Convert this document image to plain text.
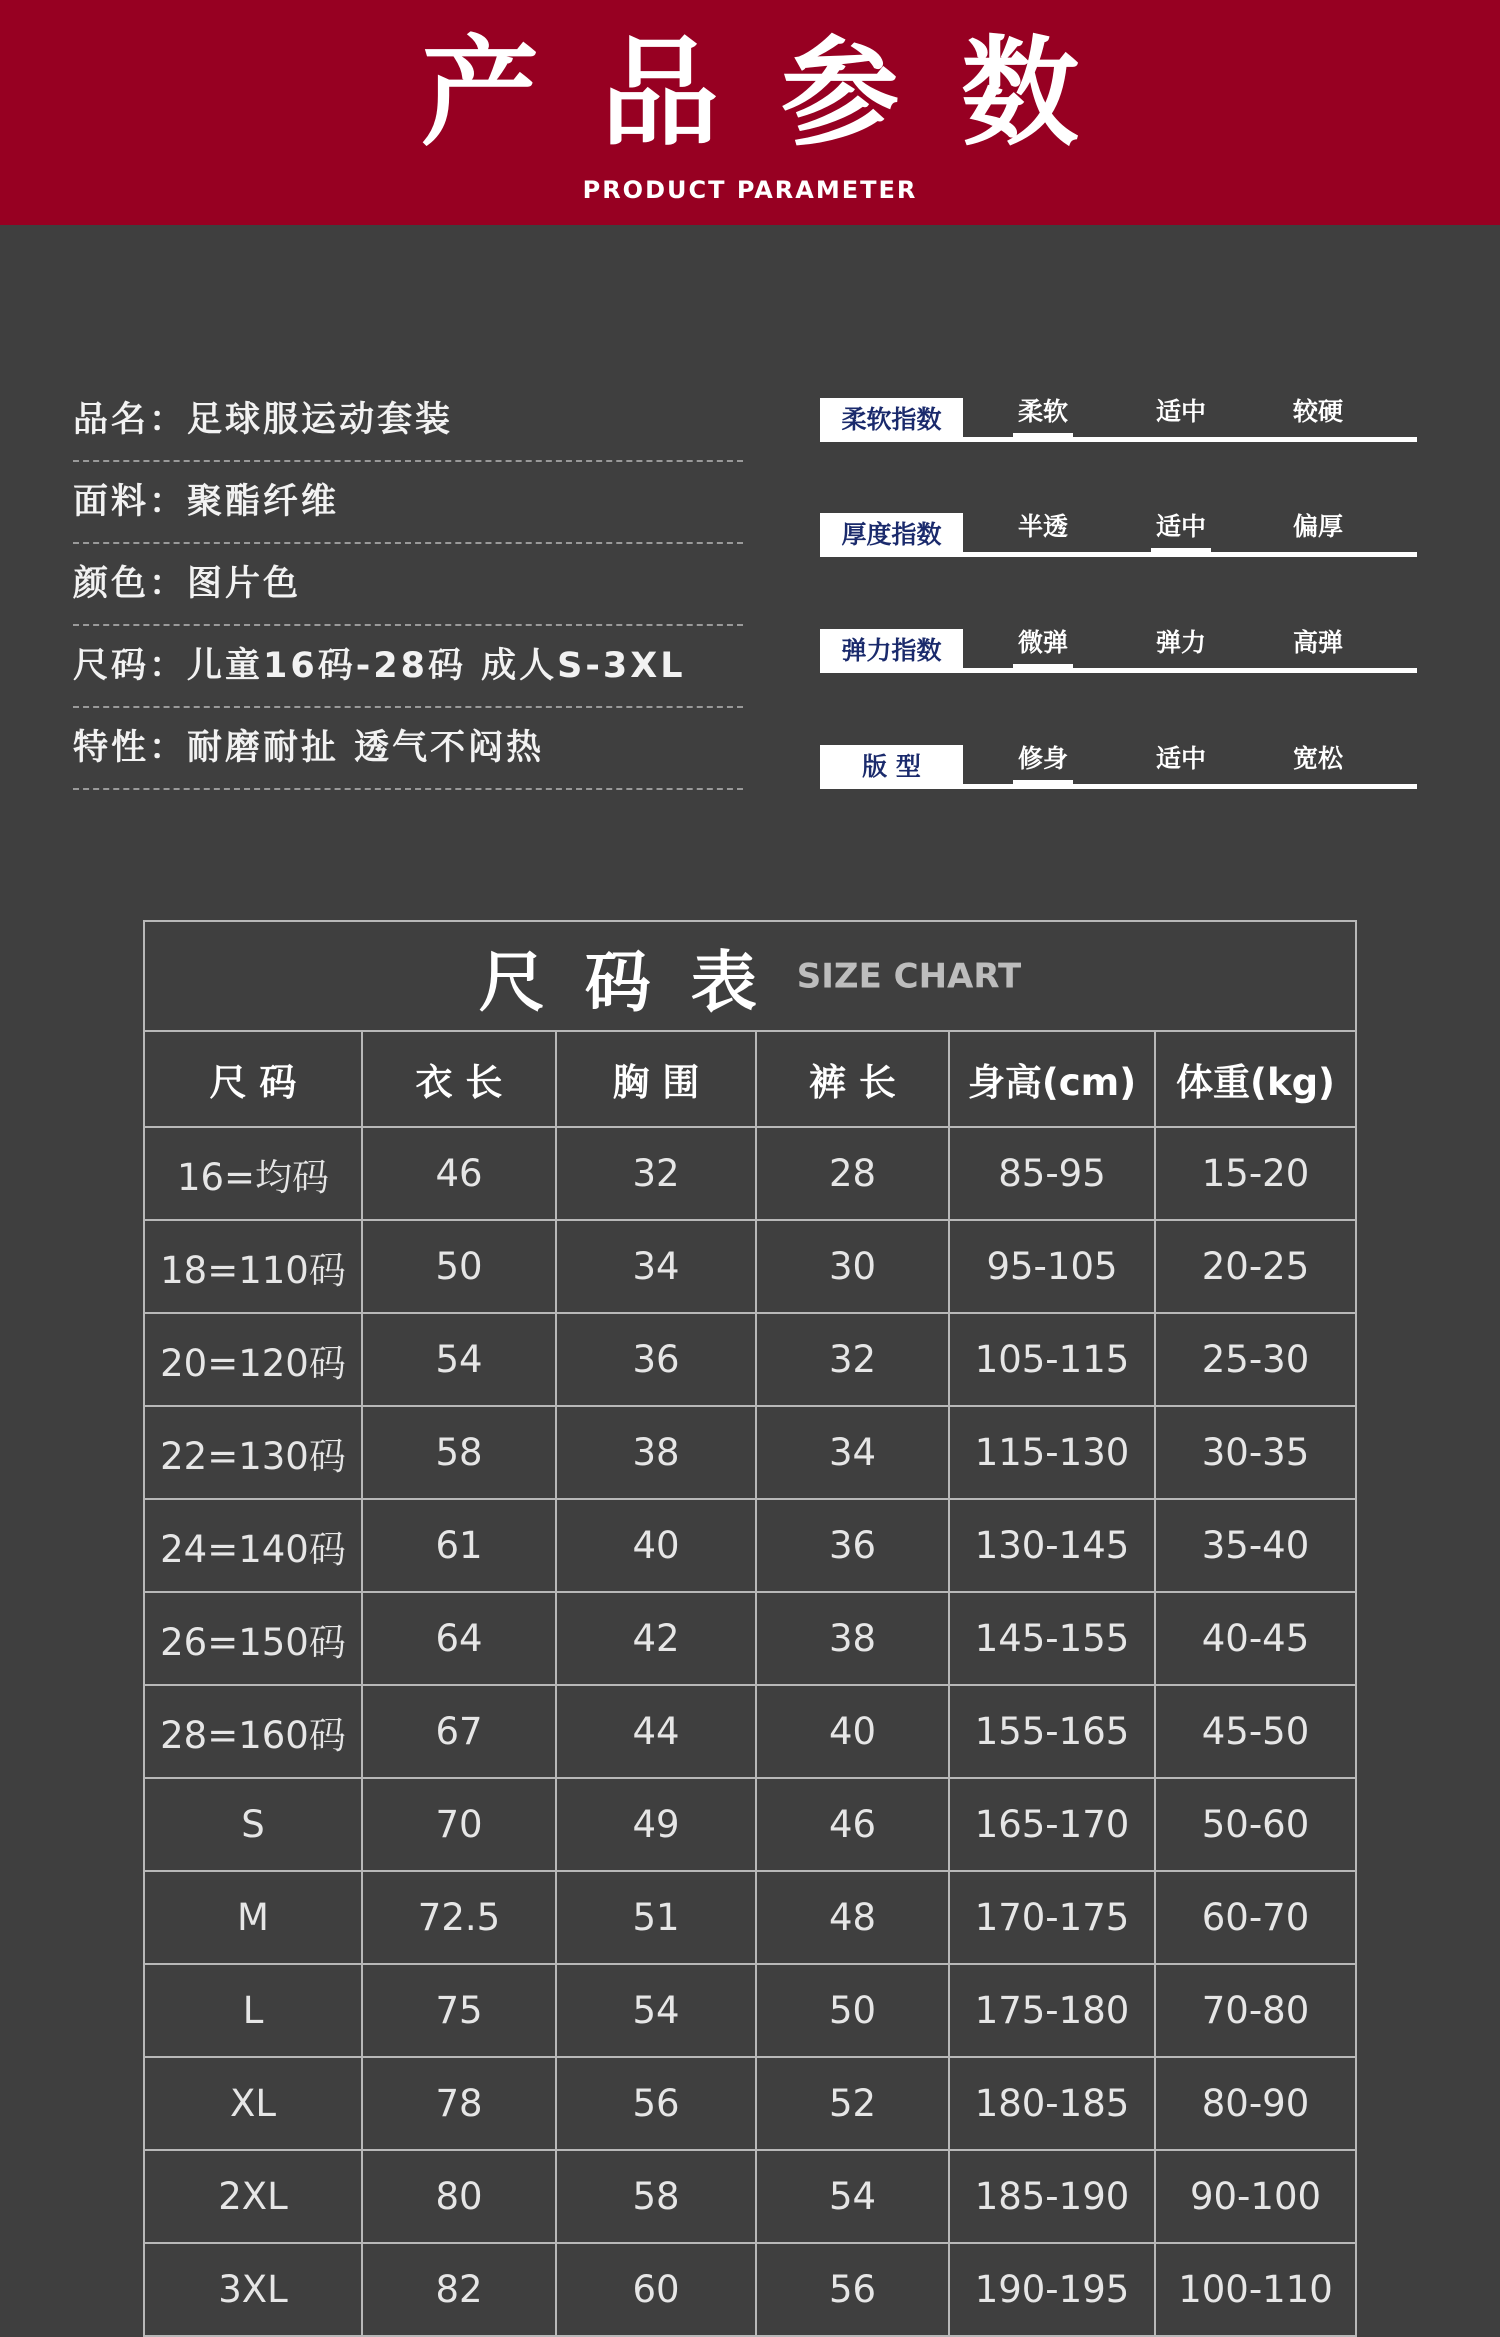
产品参数
PRODUCT PARAMETER
品名：足球服运动套装
面料：聚酯纤维
颜色：图片色
尺码：儿童16码-28码 成人S-3XL
特性：耐磨耐扯 透气不闷热
柔软指数	柔软	适中	较硬
厚度指数	半透	适中	偏厚
弹力指数	微弹	弹力	高弹
版 型	修身	适中	宽松
尺码表SIZE CHART					
尺 码	衣 长	胸 围	裤 长	身高(cm)	体重(kg)
16=均码	46	32	28	85-95	15-20
18=110码	50	34	30	95-105	20-25
20=120码	54	36	32	105-115	25-30
22=130码	58	38	34	115-130	30-35
24=140码	61	40	36	130-145	35-40
26=150码	64	42	38	145-155	40-45
28=160码	67	44	40	155-165	45-50
S	70	49	46	165-170	50-60
M	72.5	51	48	170-175	60-70
L	75	54	50	175-180	70-80
XL	78	56	52	180-185	80-90
2XL	80	58	54	185-190	90-100
3XL	82	60	56	190-195	100-110
